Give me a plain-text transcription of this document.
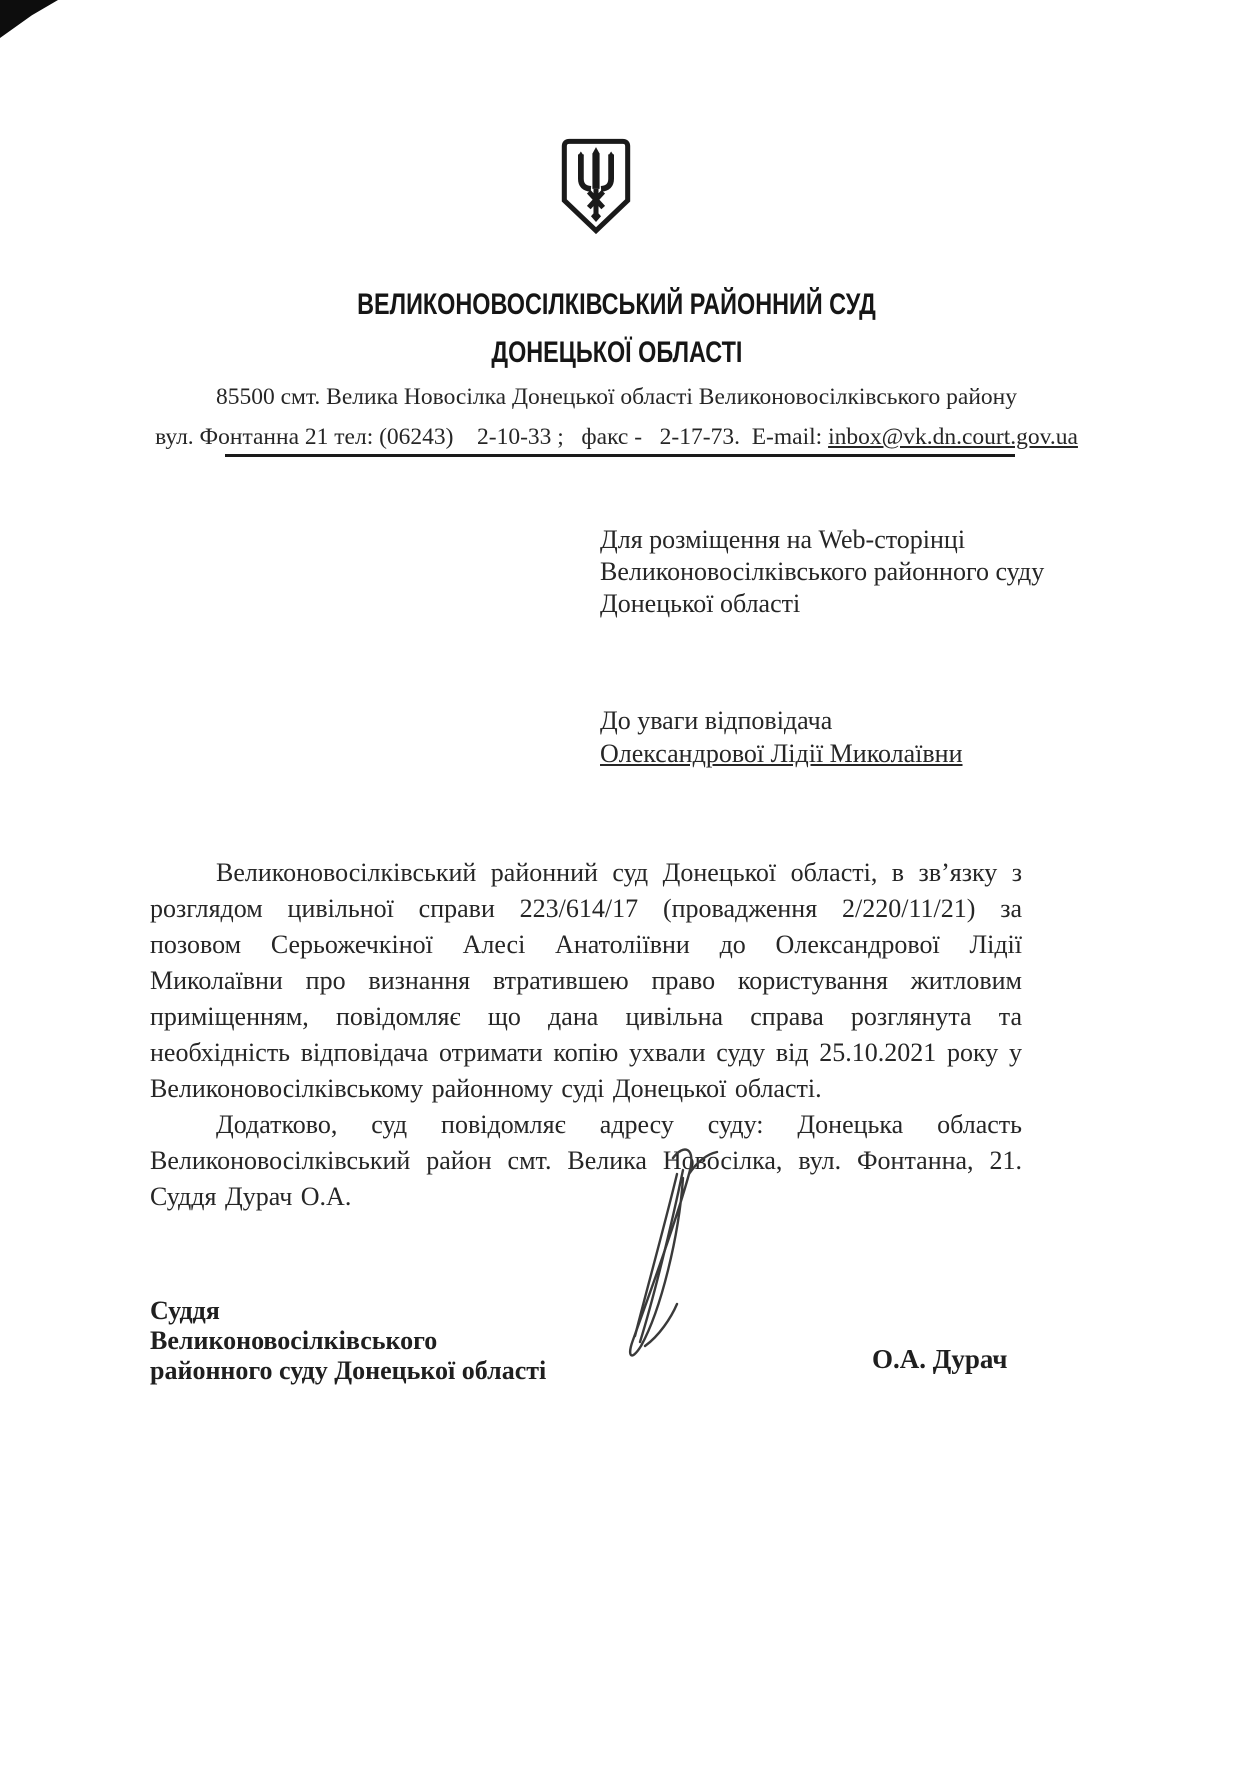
ВЕЛИКОНОВОСІЛКІВСЬКИЙ РАЙОННИЙ СУД
ДОНЕЦЬКОЇ ОБЛАСТІ
85500 смт. Велика Новосілка Донецької області Великоновосілківського району
вул. Фонтанна 21 тел: (06243)    2-10-33 ;   факс -   2-17-73.  E-mail: inbox@vk.dn.court.gov.ua
Для розміщення на Web-сторінці
Великоновосілківського районного суду
Донецької області
До уваги відповідача
Олександрової Лідії Миколаївни

Великоновосілківський районний суд Донецької області, в зв’язку з розглядом цивільної справи 223/614/17 (провадження 2/220/11/21) за позовом Серьожечкіної Алесі Анатоліївни до Олександрової Лідії Миколаївни про визнання втратившею право користування житловим приміщенням, повідомляє що дана цивільна справа розглянута та необхідність відповідача отримати копію ухвали суду від 25.10.2021 року у Великоновосілківському районному суді Донецької області.

Додатково, суд повідомляє адресу суду: Донецька область Великоновосілківський район смт. Велика Новосілка, вул. Фонтанна, 21. Суддя Дурач О.А.

Суддя
Великоновосілківського
районного суду Донецької області	О.А. Дурач
